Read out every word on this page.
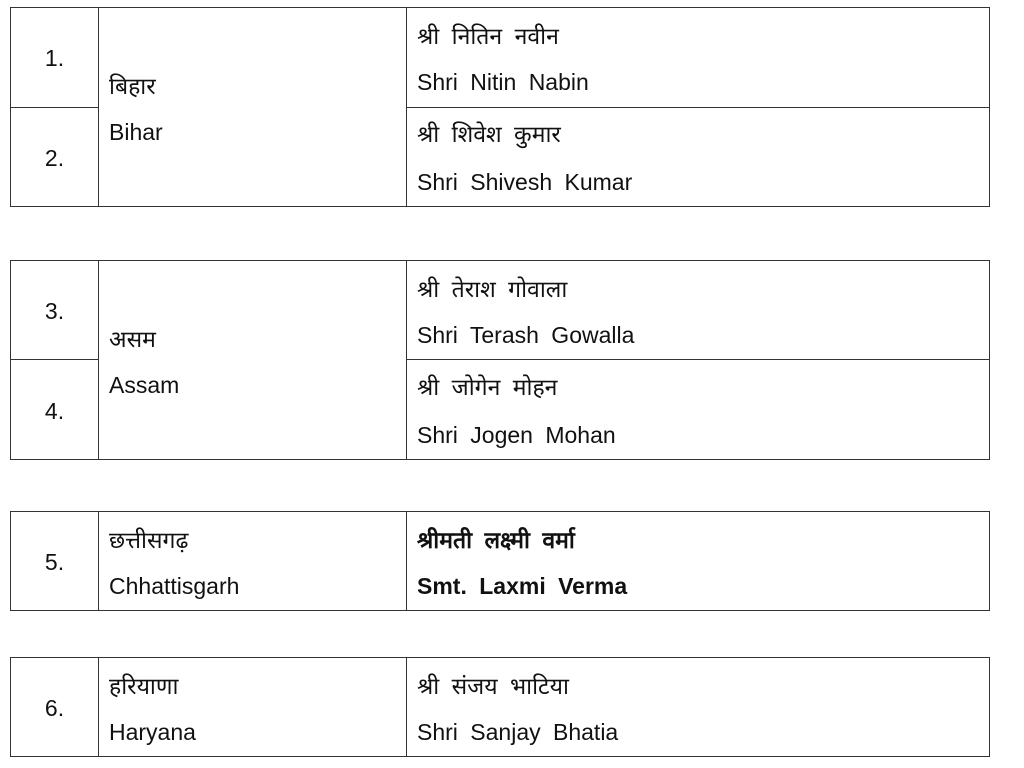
1.
2.
बिहार
Bihar
श्री नितिन नवीन
Shri Nitin Nabin
श्री शिवेश कुमार
Shri Shivesh Kumar
3.
4.
असम
Assam
श्री तेराश गोवाला
Shri Terash Gowalla
श्री जोगेन मोहन
Shri Jogen Mohan
5.
छत्तीसगढ़
Chhattisgarh
श्रीमती लक्ष्मी वर्मा
Smt. Laxmi Verma
6.
हरियाणा
Haryana
श्री संजय भाटिया
Shri Sanjay Bhatia
